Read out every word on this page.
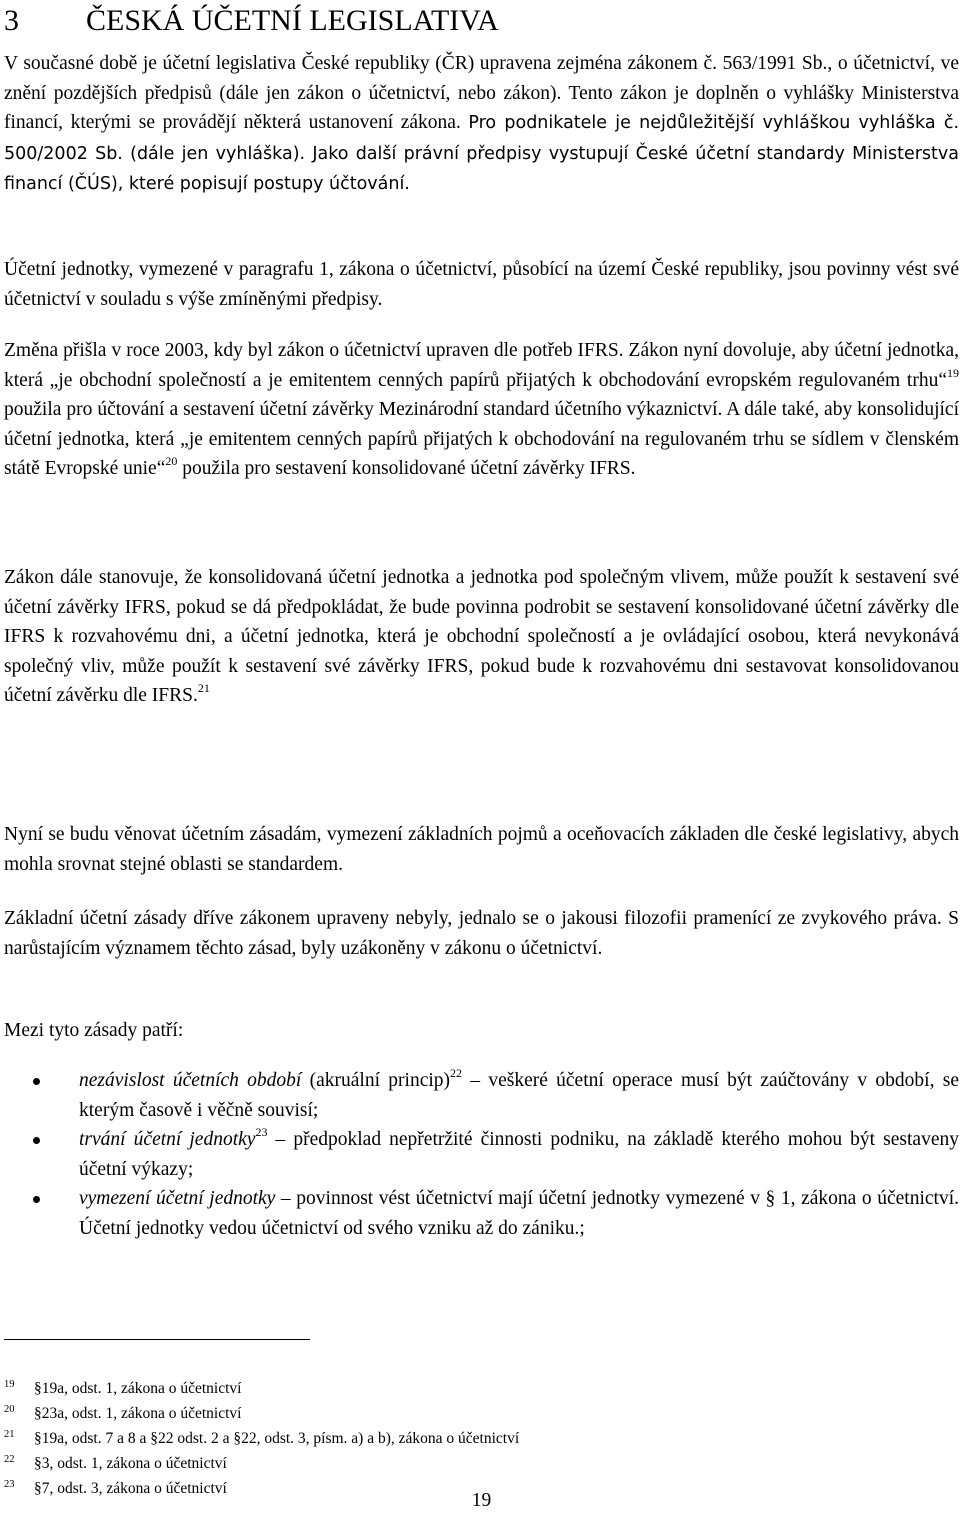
3 ČESKÁ ÚČETNÍ LEGISLATIVA

V současné době je účetní legislativa České republiky (ČR) upravena zejména zákonem č. 563/1991 Sb., o účetnictví, ve znění pozdějších předpisů (dále jen zákon o účetnictví, nebo zákon). Tento zákon je doplněn o vyhlášky Ministerstva financí, kterými se provádějí některá ustanovení zákona. Pro podnikatele je nejdůležitější vyhláškou vyhláška č. 500/2002 Sb. (dále jen vyhláška). Jako další právní předpisy vystupují České účetní standardy Ministerstva financí (ČÚS), které popisují postupy účtování.

Účetní jednotky, vymezené v paragrafu 1, zákona o účetnictví, působící na území České republiky, jsou povinny vést své účetnictví v souladu s výše zmíněnými předpisy.

Změna přišla v roce 2003, kdy byl zákon o účetnictví upraven dle potřeb IFRS. Zákon nyní dovoluje, aby účetní jednotka, která „je obchodní společností a je emitentem cenných papírů přijatých k obchodování evropském regulovaném trhu“$^{19}$ použila pro účtování a sestavení účetní závěrky Mezinárodní standard účetního výkaznictví. A dále také, aby konsolidující účetní jednotka, která „je emitentem cenných papírů přijatých k obchodování na regulovaném trhu se sídlem v členském státě Evropské unie“$^{20}$ použila pro sestavení konsolidované účetní závěrky IFRS.

Zákon dále stanovuje, že konsolidovaná účetní jednotka a jednotka pod společným vlivem, může použít k sestavení své účetní závěrky IFRS, pokud se dá předpokládat, že bude povinna podrobit se sestavení konsolidované účetní závěrky dle IFRS k rozvahovému dni, a účetní jednotka, která je obchodní společností a je ovládající osobou, která nevykonává společný vliv, může použít k sestavení své závěrky IFRS, pokud bude k rozvahovému dni sestavovat konsolidovanou účetní závěrku dle IFRS.$^{21}$

Nyní se budu věnovat účetním zásadám, vymezení základních pojmů a oceňovacích základen dle české legislativy, abych mohla srovnat stejné oblasti se standardem.

Základní účetní zásady dříve zákonem upraveny nebyly, jednalo se o jakousi filozofii pramenící ze zvykového práva. S narůstajícím významem těchto zásad, byly uzákoněny v zákonu o účetnictví.

Mezi tyto zásady patří:

nezávislost účetních období (akruální princip)$^{22}$ – veškeré účetní operace musí být zaúčtovány v období, se kterým časově i věčně souvisí;
trvání účetní jednotky$^{23}$ – předpoklad nepřetržité činnosti podniku, na základě kterého mohou být sestaveny účetní výkazy;
vymezení účetní jednotky – povinnost vést účetnictví mají účetní jednotky vymezené v § 1, zákona o účetnictví. Účetní jednotky vedou účetnictví od svého vzniku až do zániku.;
$^{19}$ §19a, odst. 1, zákona o účetnictví
$^{20}$ §23a, odst. 1, zákona o účetnictví
$^{21}$ §19a, odst. 7 a 8 a §22 odst. 2 a §22, odst. 3, písm. a) a b), zákona o účetnictví
$^{22}$ §3, odst. 1, zákona o účetnictví
$^{23}$ §7, odst. 3, zákona o účetnictví
19
